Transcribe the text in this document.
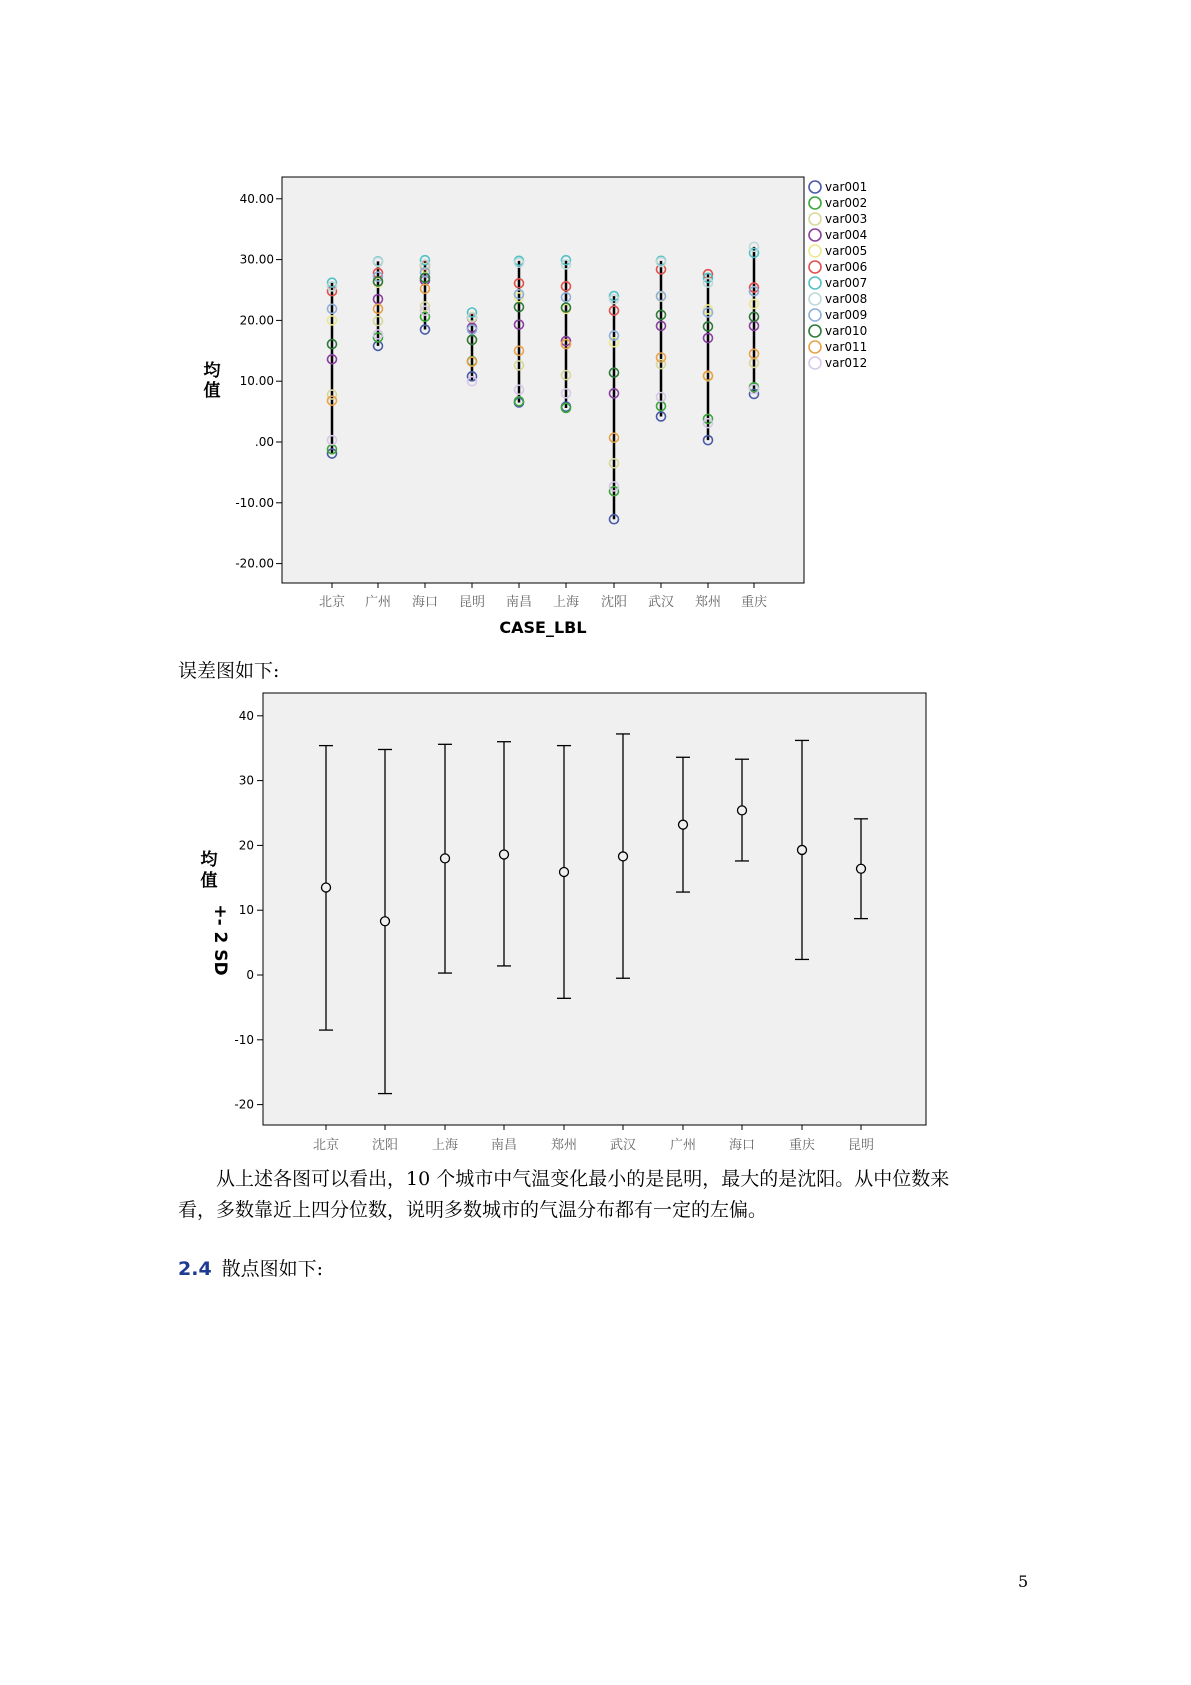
40.00
30.00
20.00
10.00
.00
-10.00
-20.00
北京 广州 海口 昆明 南昌 上海 沈阳 武汉 郑州 重庆
var001
var002
var003
var004
var005
var006
var007
var008
var009
var010
var011
var012
CASE_LBL
均值
40
30
20
10
0
-10
-20
北京	沈阳	上海	南昌	郑州	武汉	广州	海口	重庆	昆明
均值
+- 2 SD
误差图如下:
从上述各图可以看出，10 个城市中气温变化最小的是昆明，最大的是沈阳。从中位数来
看，多数靠近上四分位数，说明多数城市的气温分布都有一定的左偏。
2.4 散点图如下:
5
